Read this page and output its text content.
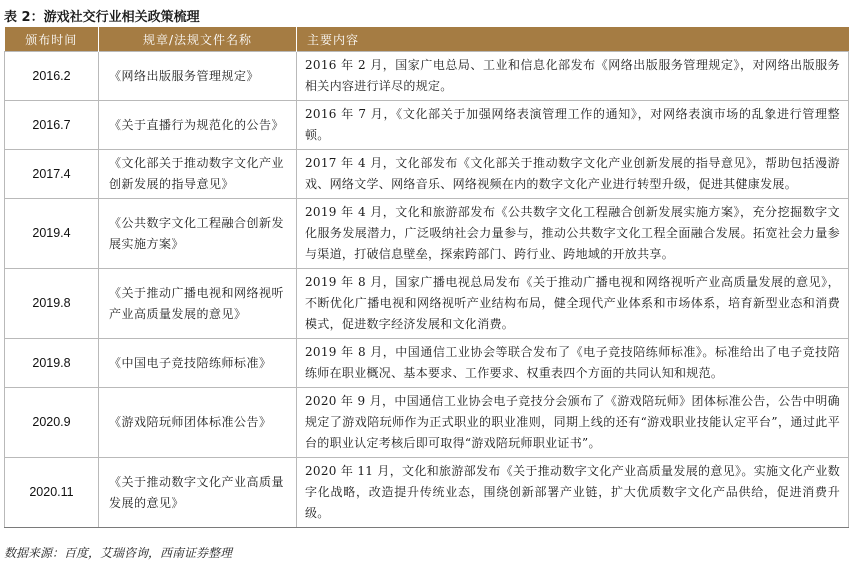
表 2：游戏社交行业相关政策梳理
颁布时间	规章/法规文件名称	主要内容
2016.2	《网络出版服务管理规定》	2016 年 2 月，国家广电总局、工业和信息化部发布《网络出版服务管理规定》，对网络出版服务相关内容进行详尽的规定。
2016.7	《关于直播行为规范化的公告》	2016 年 7 月，《文化部关于加强网络表演管理工作的通知》，对网络表演市场的乱象进行管理整顿。
2017.4	《文化部关于推动数字文化产业创新发展的指导意见》	2017 年 4 月，文化部发布《文化部关于推动数字文化产业创新发展的指导意见》，帮助包括漫游戏、网络文学、网络音乐、网络视频在内的数字文化产业进行转型升级，促进其健康发展。
2019.4	《公共数字文化工程融合创新发展实施方案》	2019 年 4 月，文化和旅游部发布《公共数字文化工程融合创新发展实施方案》，充分挖掘数字文化服务发展潜力，广泛吸纳社会力量参与，推动公共数字文化工程全面融合发展。拓宽社会力量参与渠道，打破信息壁垒，探索跨部门、跨行业、跨地域的开放共享。
2019.8	《关于推动广播电视和网络视听产业高质量发展的意见》	2019 年 8 月，国家广播电视总局发布《关于推动广播电视和网络视听产业高质量发展的意见》，不断优化广播电视和网络视听产业结构布局，健全现代产业体系和市场体系，培育新型业态和消费模式，促进数字经济发展和文化消费。
2019.8	《中国电子竞技陪练师标准》	2019 年 8 月，中国通信工业协会等联合发布了《电子竞技陪练师标准》。标准给出了电子竞技陪练师在职业概况、基本要求、工作要求、权重表四个方面的共同认知和规范。
2020.9	《游戏陪玩师团体标准公告》	2020 年 9 月，中国通信工业协会电子竞技分会颁布了《游戏陪玩师》团体标准公告，公告中明确规定了游戏陪玩师作为正式职业的职业准则，同期上线的还有“游戏职业技能认定平台”，通过此平台的职业认定考核后即可取得“游戏陪玩师职业证书”。
2020.11	《关于推动数字文化产业高质量发展的意见》	2020 年 11 月，文化和旅游部发布《关于推动数字文化产业高质量发展的意见》。实施文化产业数字化战略，改造提升传统业态，围绕创新部署产业链，扩大优质数字文化产品供给，促进消费升级。
数据来源：百度，艾瑞咨询，西南证券整理
